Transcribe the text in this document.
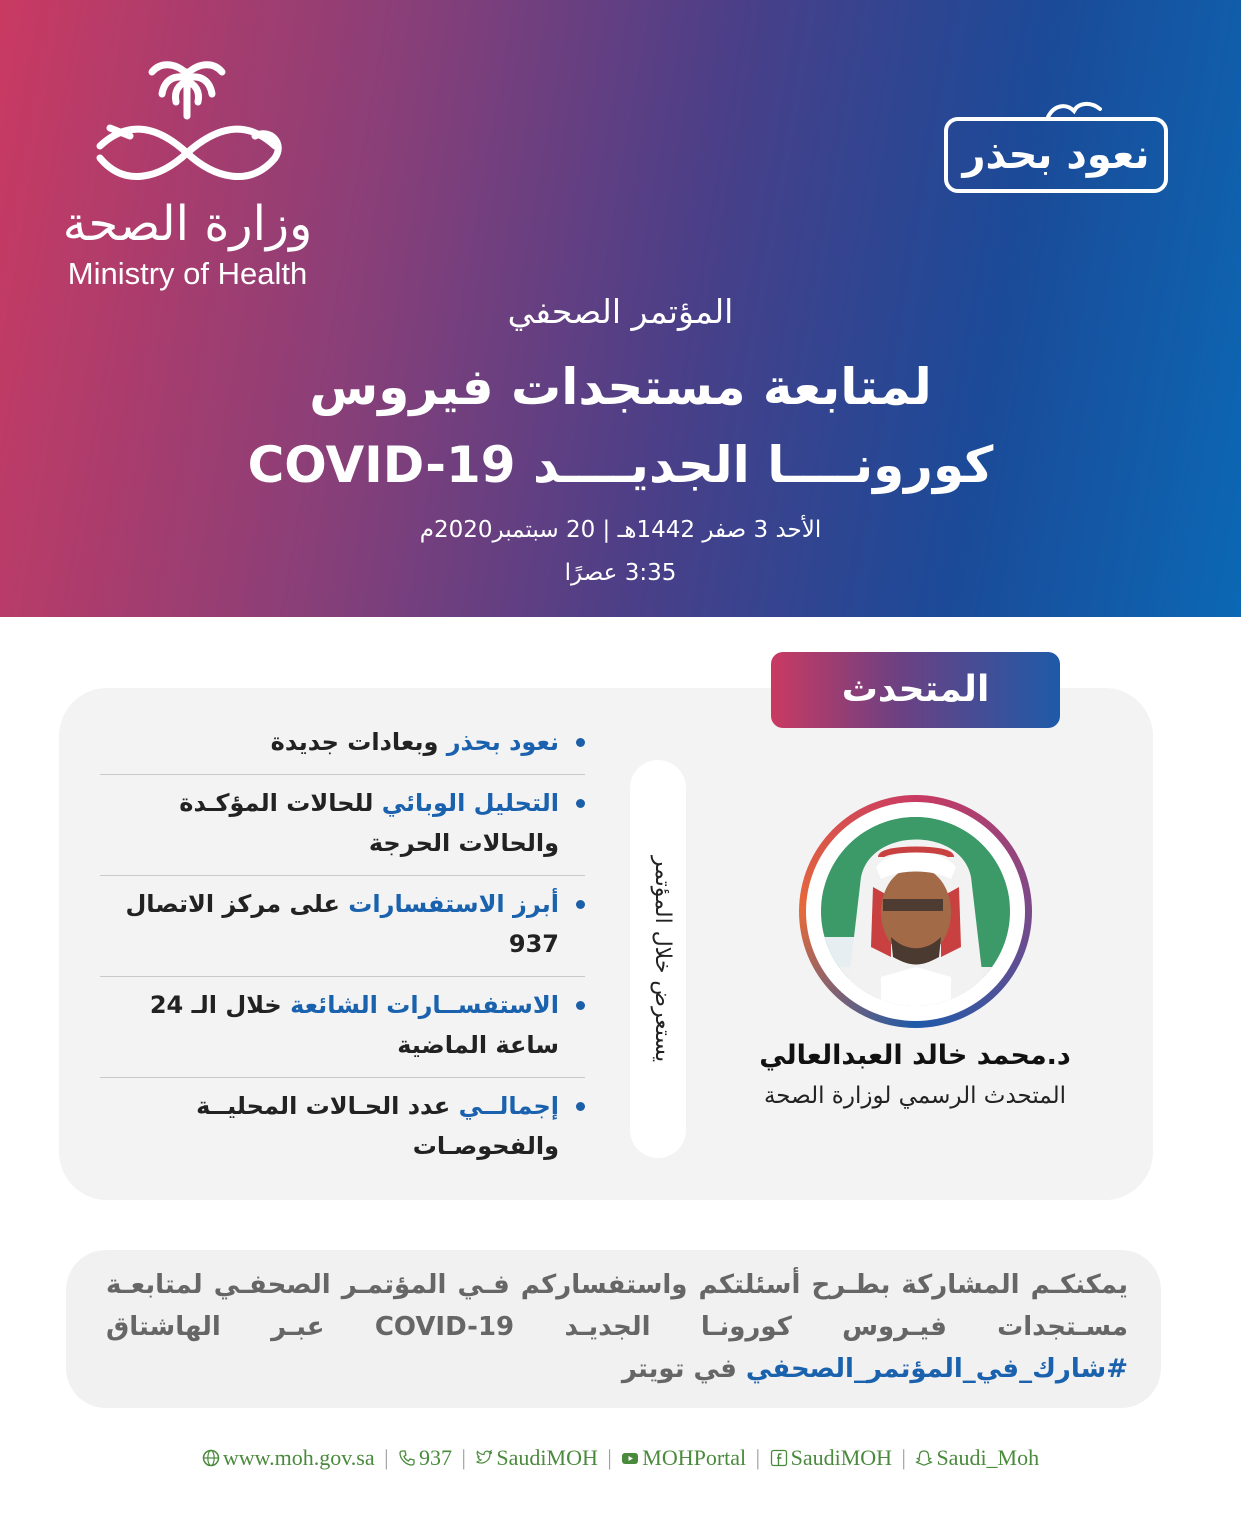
وزارة الصحة
Ministry of Health
نعود بحذر
المؤتمر الصحفي
لمتابعة مستجدات فيروس
كورونــــا الجديــــد COVID-19
الأحد 3 صفر 1442هـ | 20 سبتمبر2020م
3:35 عصرًا
المتحدث
د.محمد خالد العبدالعالي
المتحدث الرسمي لوزارة الصحة
يستعرض خلال المؤتمر
نعود بحذر وبعادات جديدة
التحليل الوبائي للحالات المؤكـدة والحالات الحرجة
أبرز الاستفسارات على مركز الاتصال 937
الاستفســارات الشائعة خلال الـ 24 ساعة الماضية
إجمالــي عدد الحـالات المحليــة والفحوصـات

يمكنكـم المشاركة بطـرح أسئلتكم واستفساركم فـي المؤتمـر الصحفـي لمتابعـة مسـتجدات فيـروس كورونـا الجديـد COVID-19 عبـر الهاشتاق #شارك_في_المؤتمر_الصحفي في تويتر

www.moh.gov.sa | 937 | SaudiMOH | MOHPortal | SaudiMOH | Saudi_Moh
